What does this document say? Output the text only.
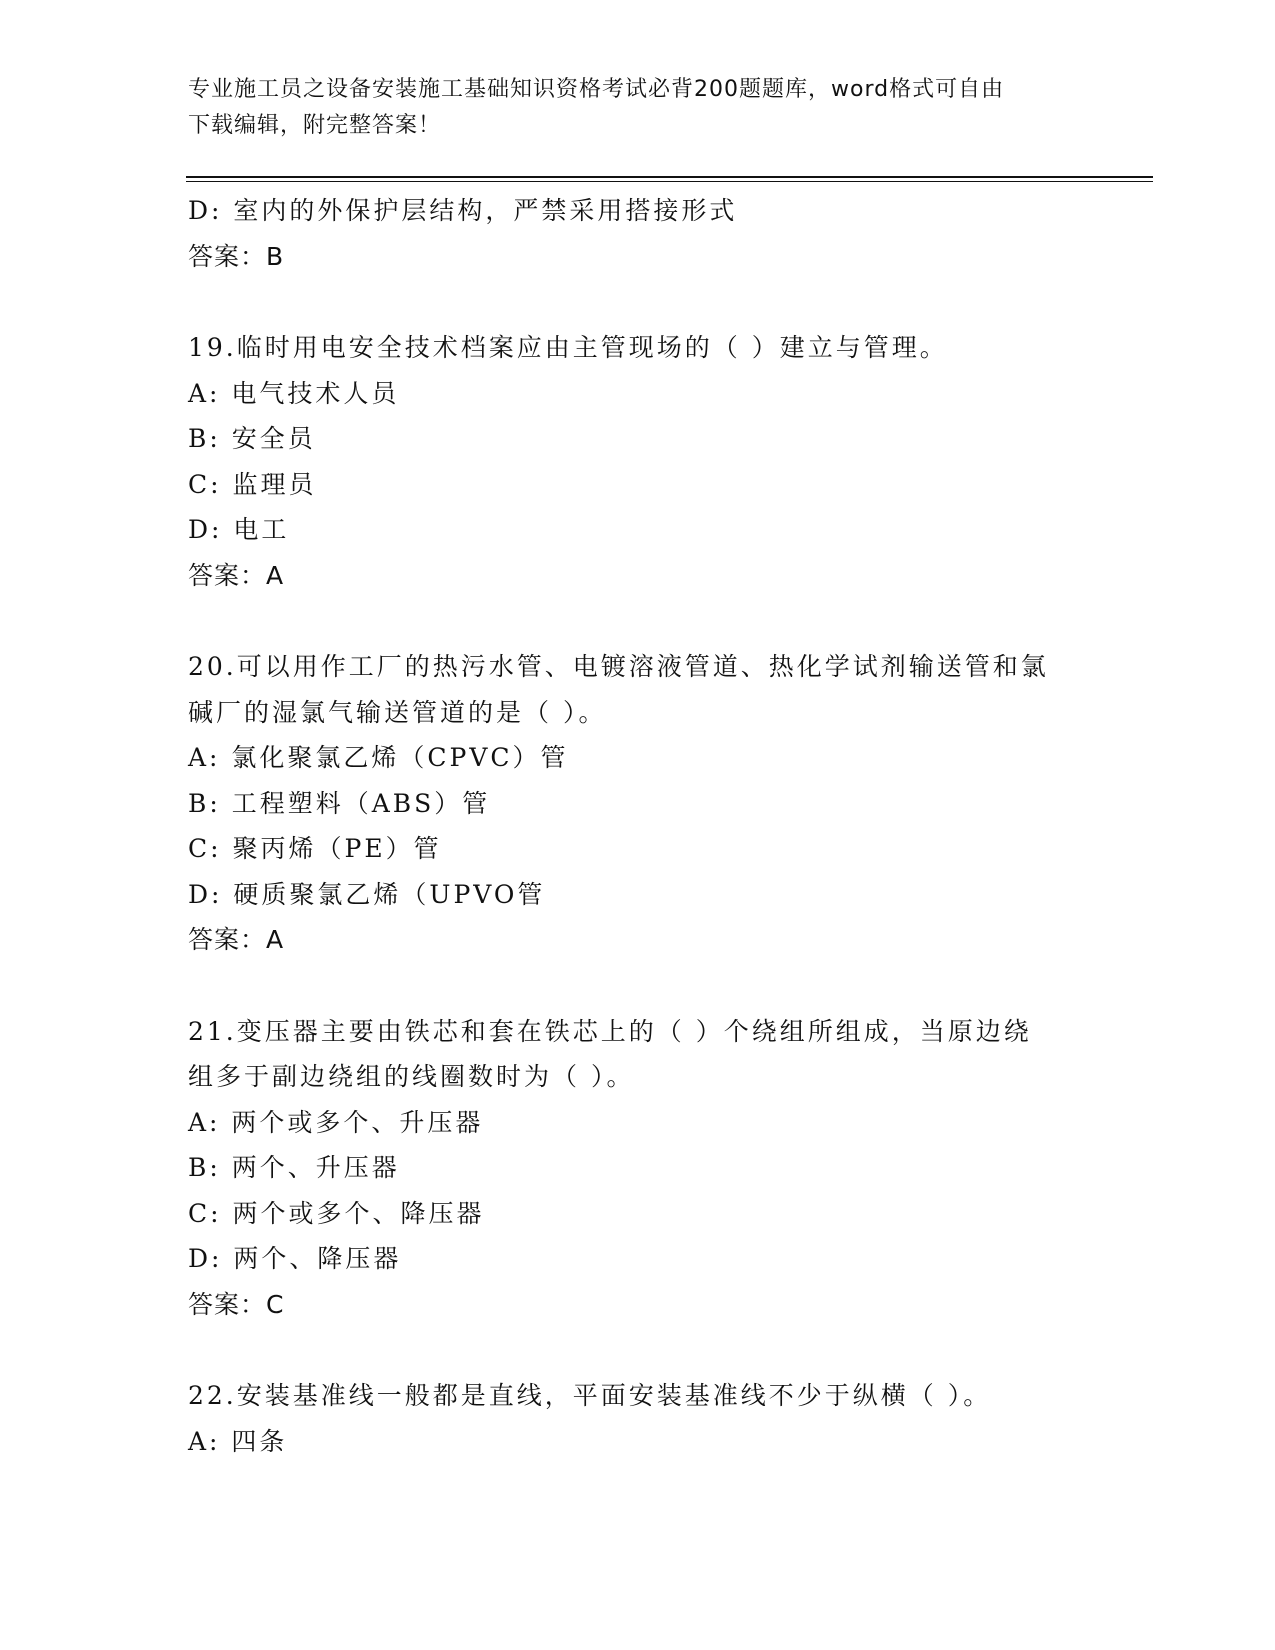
专业施工员之设备安装施工基础知识资格考试必背200题题库，word格式可自由
下载编辑，附完整答案！
D: 室内的外保护层结构，严禁采用搭接形式
答案：B
19.临时用电安全技术档案应由主管现场的（ ）建立与管理。
A: 电气技术人员
B: 安全员
C: 监理员
D: 电工
答案：A
20.可以用作工厂的热污水管、电镀溶液管道、热化学试剂输送管和氯
碱厂的湿氯气输送管道的是（ ）。
A: 氯化聚氯乙烯（CPVC）管
B: 工程塑料（ABS）管
C: 聚丙烯（PE）管
D: 硬质聚氯乙烯（UPVO管
答案：A
21.变压器主要由铁芯和套在铁芯上的（ ）个绕组所组成，当原边绕
组多于副边绕组的线圈数时为（ ）。
A: 两个或多个、升压器
B: 两个、升压器
C: 两个或多个、降压器
D: 两个、降压器
答案：C
22.安装基准线一般都是直线，平面安装基准线不少于纵横（ ）。
A: 四条
